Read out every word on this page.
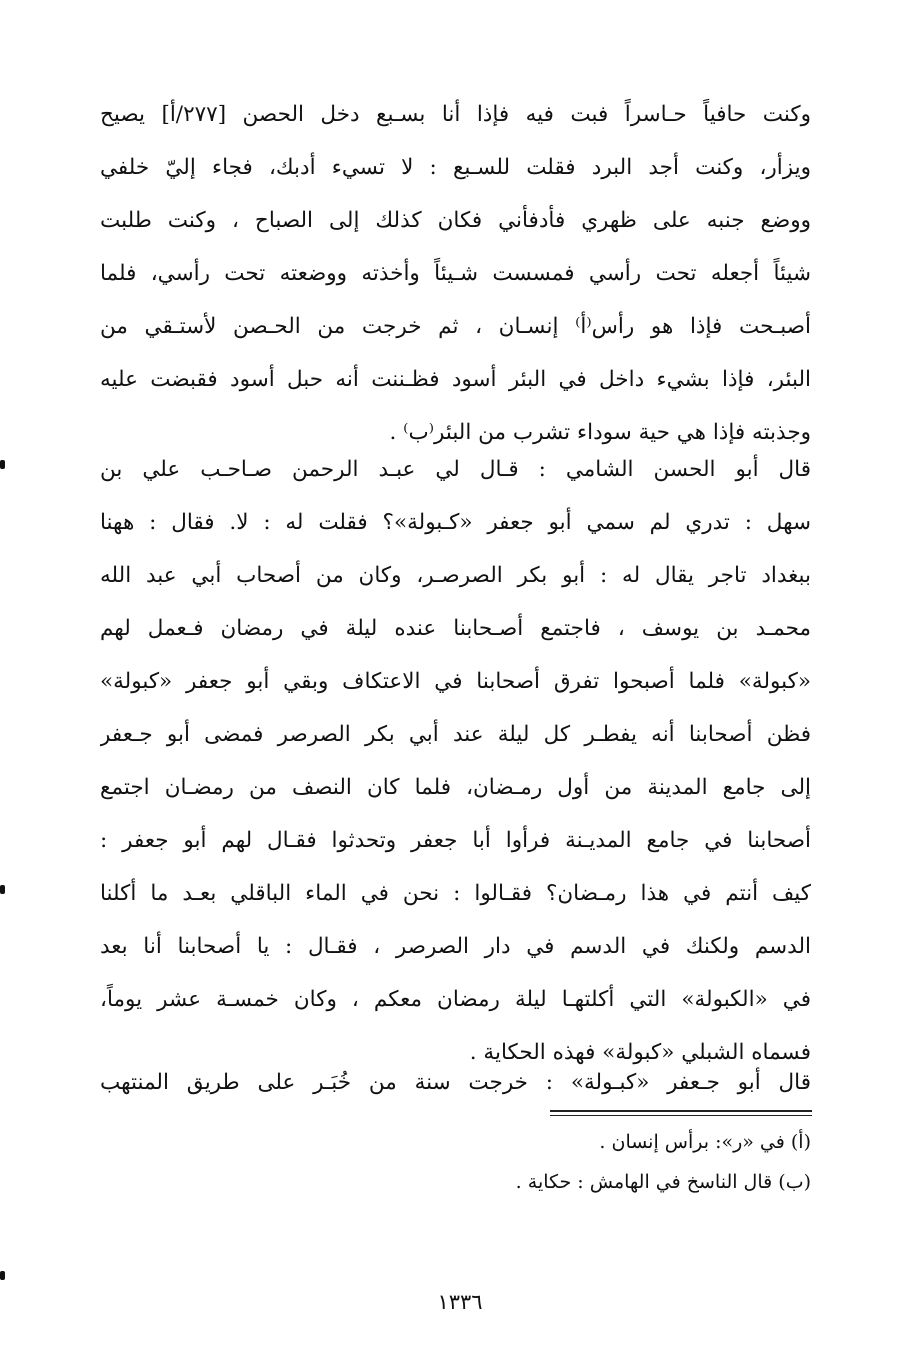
وكنت حافياً حـاسراً فبت فيه فإذا أنا بسـبع دخل الحصن [٢٧٧/أ] يصيح
ويزأر، وكنت أجد البرد فقلت للسـبع : لا تسيء أدبك، فجاء إليّ خلفي
ووضع جنبه على ظهري فأدفأني فكان كذلك إلى الصباح ، وكنت طلبت
شيئاً أجعله تحت رأسي فمسست شـيئاً وأخذته ووضعته تحت رأسي، فلما
أصبـحت فإذا هو رأس⁽أ⁾ إنسـان ، ثم خرجت من الحـصن لأستـقي من
البئر، فإذا بشيء داخل في البئر أسود فظـننت أنه حبل أسود فقبضت عليه
وجذبته فإذا هي حية سوداء تشرب من البئر⁽ب⁾ .
قال أبو الحسن الشامي : قـال لي عبـد الرحمن صـاحـب علي بن
سهل : تدري لم سمي أبو جعفر «كـبولة»؟ فقلت له : لا. فقال : ههنا
ببغداد تاجر يقال له : أبو بكر الصرصـر، وكان من أصحاب أبي عبد الله
محمـد بن يوسف ، فاجتمع أصـحابنا عنده ليلة في رمضان فـعمل لهم
«كبولة» فلما أصبحوا تفرق أصحابنا في الاعتكاف وبقي أبو جعفر «كبولة»
فظن أصحابنا أنه يفطـر كل ليلة عند أبي بكر الصرصر فمضى أبو جـعفر
إلى جامع المدينة من أول رمـضان، فلما كان النصف من رمضـان اجتمع
أصحابنا في جامع المديـنة فرأوا أبا جعفر وتحدثوا فقـال لهم أبو جعفر :
كيف أنتم في هذا رمـضان؟ فقـالوا : نحن في الماء الباقلي بعـد ما أكلنا
الدسم ولكنك في الدسم في دار الصرصر ، فقـال : يا أصحابنا أنا بعد
في «الكبولة» التي أكلتهـا ليلة رمضان معكم ، وكان خمسـة عشر يوماً،
فسماه الشبلي «كبولة» فهذه الحكاية .
قال أبو جـعفر «كبـولة» : خرجت سنة من خُبَـر على طريق المنتهب
(أ) في «ر»: برأس إنسان .
(ب) قال الناسخ في الهامش : حكاية .
١٣٣٦
